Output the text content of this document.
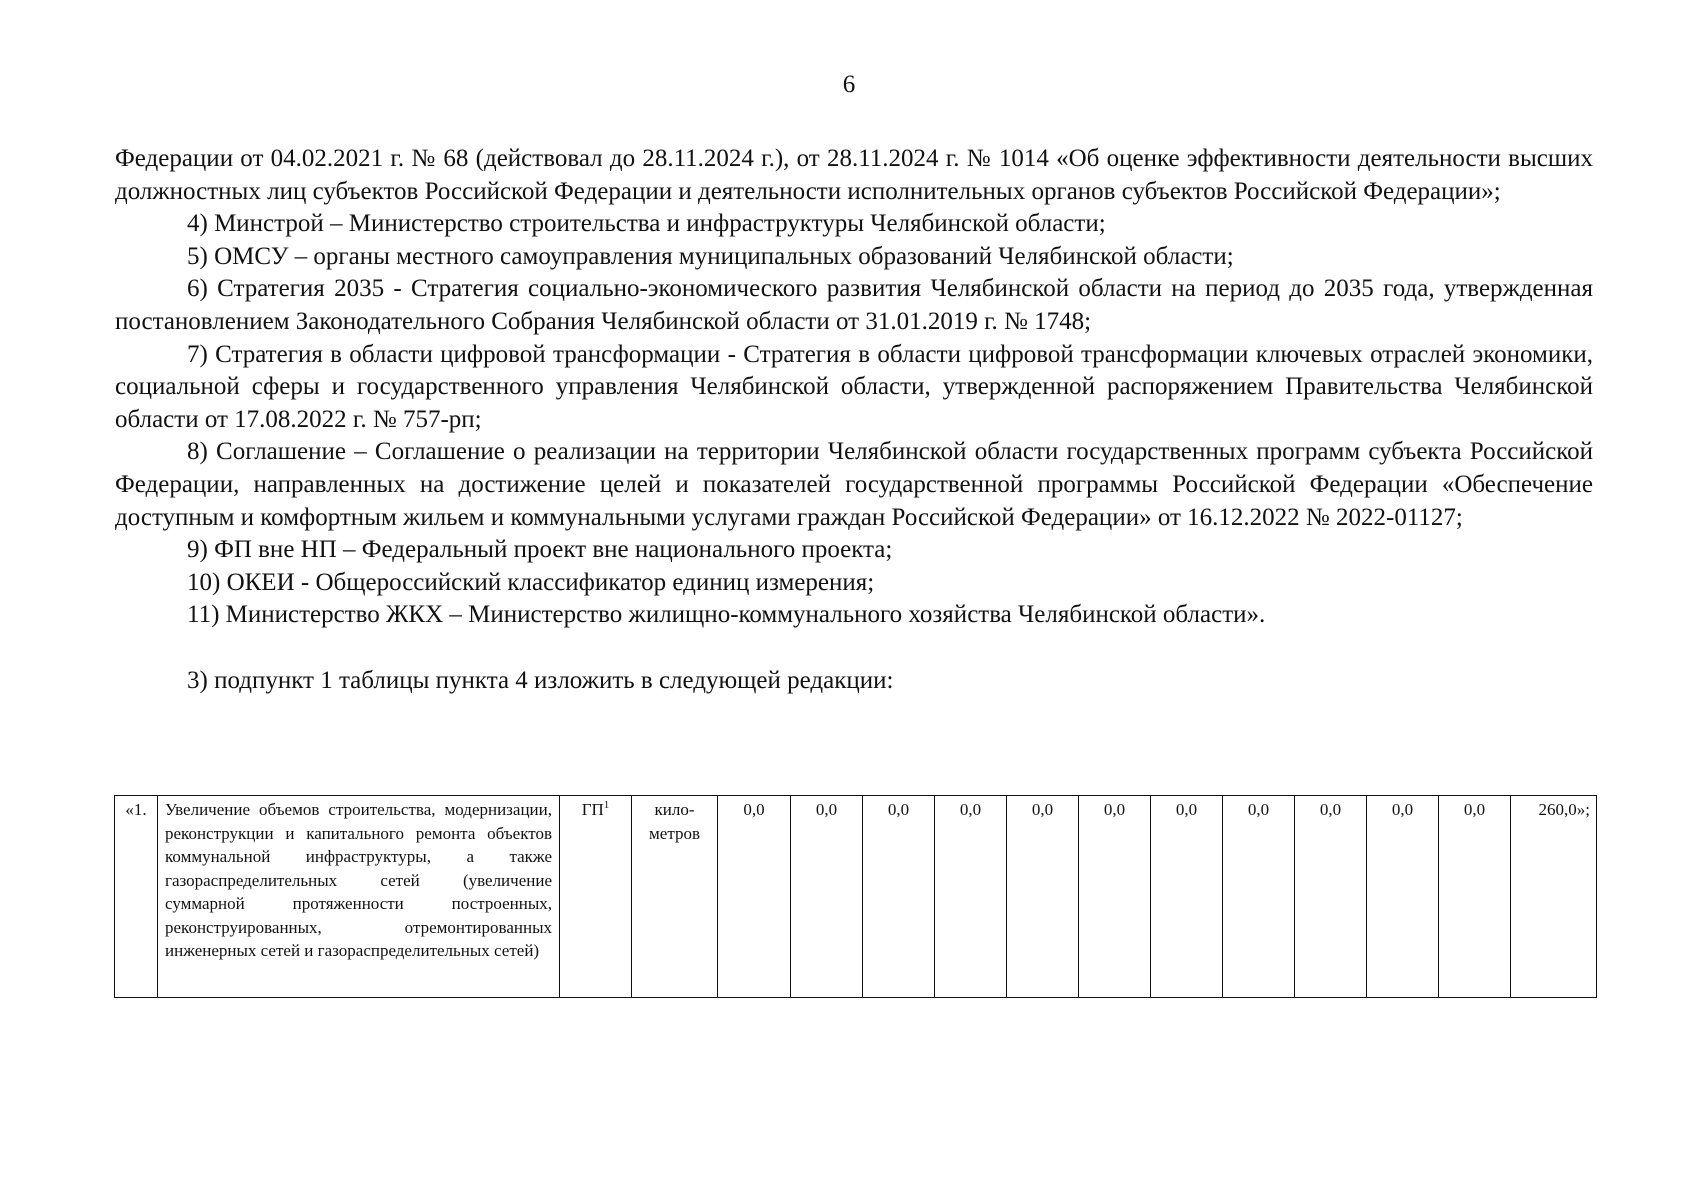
6

Федерации от 04.02.2021 г. № 68 (действовал до 28.11.2024 г.), от 28.11.2024 г. № 1014 «Об оценке эффективности деятельности высших должностных лиц субъектов Российской Федерации и деятельности исполнительных органов субъектов Российской Федерации»;

4) Минстрой – Министерство строительства и инфраструктуры Челябинской области;

5) ОМСУ – органы местного самоуправления муниципальных образований Челябинской области;

6) Стратегия 2035 - Стратегия социально-экономического развития Челябинской области на период до 2035 года, утвержденная постановлением Законодательного Собрания Челябинской области от 31.01.2019 г. № 1748;

7) Стратегия в области цифровой трансформации - Стратегия в области цифровой трансформации ключевых отраслей экономики, социальной сферы и государственного управления Челябинской области, утвержденной распоряжением Правительства Челябинской области от 17.08.2022 г. № 757-рп;

8) Соглашение – Соглашение о реализации на территории Челябинской области государственных программ субъекта Российской Федерации, направленных на достижение целей и показателей государственной программы Российской Федерации «Обеспечение доступным и комфортным жильем и коммунальными услугами граждан Российской Федерации» от 16.12.2022 № 2022-01127;

9) ФП вне НП – Федеральный проект вне национального проекта;

10) ОКЕИ - Общероссийский классификатор единиц измерения;

11) Министерство ЖКХ – Министерство жилищно-коммунального хозяйства Челябинской области».

3) подпункт 1 таблицы пункта 4 изложить в следующей редакции:

«1.	Увеличение объемов строительства, модернизации, реконструкции и капитального ремонта объектов коммунальной инфраструктуры, а также газораспределительных сетей (увеличение суммарной протяженности построенных, реконструированных, отремонтированных инженерных сетей и газораспределительных сетей)	$ГП^1$	кило-метров	0,0	0,0	0,0	0,0	0,0	0,0	0,0	0,0	0,0	0,0	0,0	260,0»;
